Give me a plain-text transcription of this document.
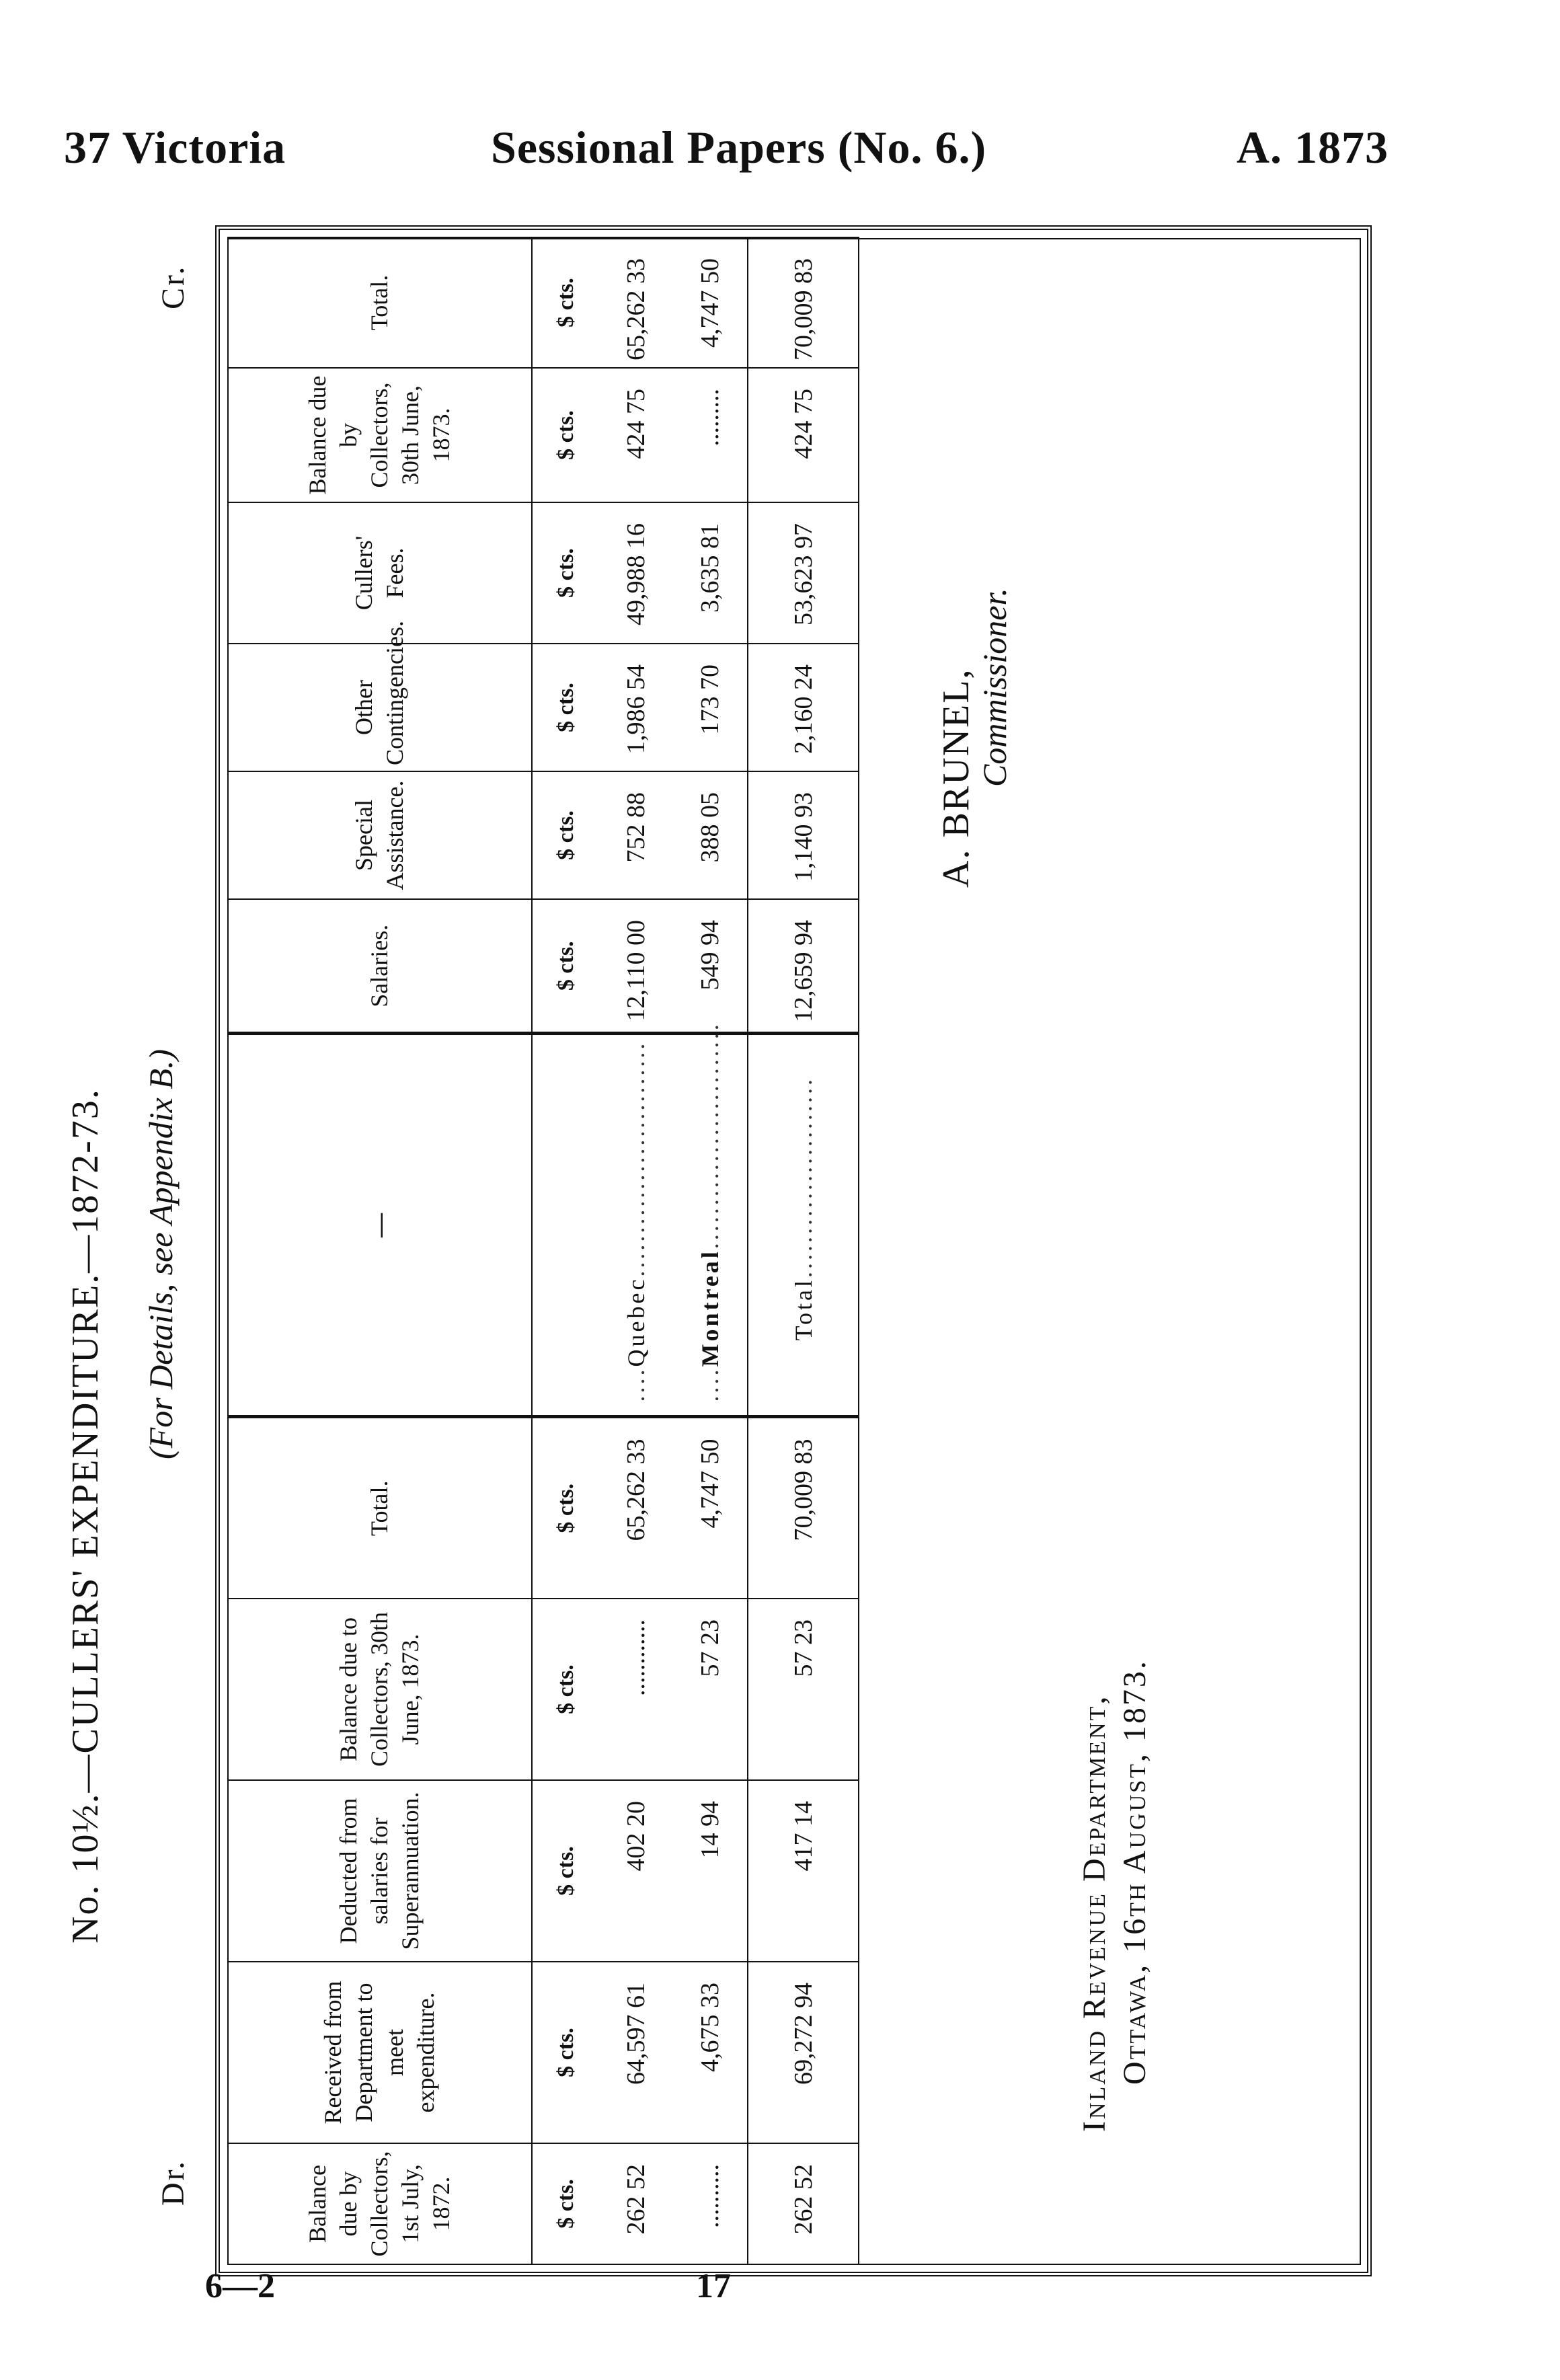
37 Victoria	Sessional Papers (No. 6.)	A. 1873
No. 10½.—CULLERS' EXPENDITURE.—1872-73. (For Details, see Appendix B.)
Dr.
Cr.
Balance due by Collectors, 1st July, 1872.	Received from Department to meet expenditure.	Deducted from salaries for Superannuation.	Balance due to Collectors, 30th June, 1873.	Total.	—	Salaries.	Special Assistance.	Other Contingencies.	Cullers' Fees.	Balance due by Collectors, 30th June, 1873.	Total.
$ cts.	$ cts.	$ cts.	$ cts.	$ cts.		$ cts.	$ cts.	$ cts.	$ cts.	$ cts.	$ cts.
262 52	64,597 61	402 20	............	65,262 33	....Quebec...........................	12,110 00	752 88	1,986 54	49,988 16	424 75	65,262 33
..........	4,675 33	14 94	57 23	4,747 50	....Montreal..........................	549 94	388 05	173 70	3,635 81	.........	4,747 50
262 52	69,272 94	417 14	57 23	70,009 83	Total.......................	12,659 94	1,140 93	2,160 24	53,623 97	424 75	70,009 83
A. BRUNEL,
Commissioner.
Inland Revenue Department, Ottawa, 16th August, 1873.
6—2	17
